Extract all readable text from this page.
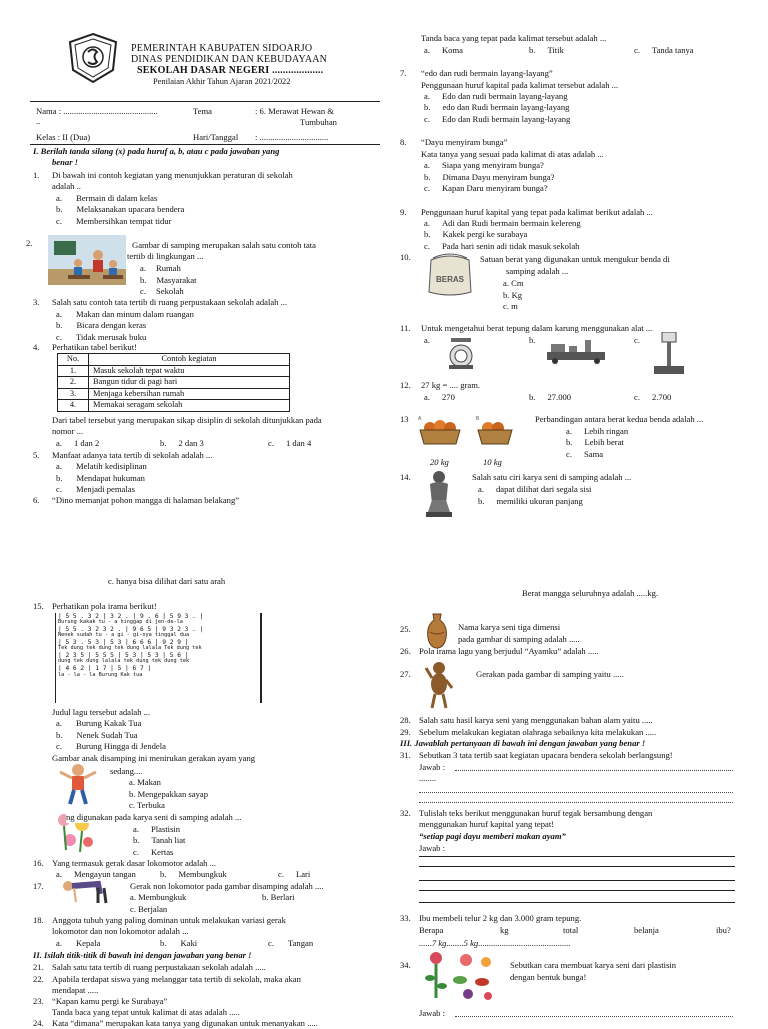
PEMERINTAH KABUPATEN SIDOARJO
DINAS PENDIDIKAN DAN KEBUDAYAAN
SEKOLAH DASAR NEGERI ...................
Penilaian Akhir Tahun Ajaran 2021/2022
Nama : ............................................
..
Tema	: 6. Merawat Hewan &
Tumbuhan
Kelas : II (Dua)	Hari/Tanggal : ................................
I. Berilah tanda silang (x) pada huruf a, b, atau c pada jawaban yang
benar !
1. Di bawah ini contoh kegiatan yang menunjukkan peraturan di sekolah
adalah ..
a. Bermain di dalam kelas
b. Melaksanakan upacara bendera
c. Membersihkan tempat tidur
2.	Gambar di samping merupakan salah satu contoh tata
tertib di lingkungan ...
a. Rumah
b. Masyarakat
c. Sekolah
3. Salah satu contoh tata tertib di ruang perpustakaan sekolah adalah ...
a. Makan dan minum dalam ruangan
b. Bicara dengan keras
c. Tidak merusak buku
4. Perhatikan tabel berikut!
No.	Contoh kegiatan
1.	Masuk sekolah tepat waktu
2.	Bangun tidur di pagi hari
3.	Menjaga kebersihan rumah
4.	Memakai seragam sekolah
Dari tabel tersebut yang merupakan sikap disiplin di sekolah ditunjukkan pada
nomor ...
a. 1 dan 2	b. 2 dan 3	c. 1 dan 4
5. Manfaat adanya tata tertib di sekolah adalah ...
a. Melatih kedisiplinan
b. Mendapat hukuman
c. Menjadi pemalas
6. “Dino memanjat pohon mangga di halaman belakang”
Tanda baca yang tepat pada kalimat tersebut adalah ...
a. Koma	b. Titik	c. Tanda tanya
7. “edo dan rudi bermain layang-layang”
Penggunaan huruf kapital pada kalimat tersebut adalah ...
a. Edo dan rudi bermain layang-layang
b. edo dan Rudi bermain layang-layang
c. Edo dan Rudi bermain layang-layang
8. “Dayu menyiram bunga”
Kata tanya yang sesuai pada kalimat di atas adalah ...
a. Siapa yang menyiram bunga?
b. Dimana Dayu menyiram bunga?
c. Kapan Daru menyiram bunga?
9. Penggunaan huruf kapital yang tepat pada kalimat berikut adalah ...
a. Adi dan Rudi bermain bermain kelereng
b. Kakek pergi ke surabaya
c. Pada hari senin adi tidak masuk sekolah
10.
BERAS
Satuan berat yang digunakan untuk mengukur benda di
samping adalah ...
a. Cm
b. Kg
c. m
11. Untuk mengetahui berat tepung dalam karung menggunakan alat ...
a.	b.	c.
12. 27 kg = .... gram.
a. 270	b. 27.000	c. 2.700
13 A	B
20 kg	10 kg
Perbandingan antara berat kedua benda adalah ...
a. Lebih ringan
b. Lebih berat
c. Sama
14.	Salah satu ciri karya seni di samping adalah ...
a. dapat dilihat dari segala sisi
b. memiliki ukuran panjang
c. hanya bisa dilihat dari satu arah
Berat mangga seluruhnya adalah .....kg.
15. Perhatikan pola irama berikut!
| 5 5 . 3 2 | 3 2 . | 9 . 6 | 5 9 3 . |
Burung kakak tu - a hinggap di jen-de-la
| 5 5 . 3 2 3 2 . | 9 6 5 | 9 3 2 3 . |
Nenek sudah tu - a gi - gi-nya tinggal dua
| 5 3 . 5 3 | 5 3 | 6 6 6 | 9 2 9 |
Tek dung tek dung tek dung lalala Tek dung tek
| 2 3 5 | 5 5 5 | 5 3 | 5 3 | 5 6 |
dung tek dung lalala tek dung tek dung tek
| 4 6 2 | 1 7 | 5 | 6 7 |
la - la - la Burung Kak tua
Judul lagu tersebut adalah ...
a. Burung Kakak Tua
b. Nenek Sudah Tua
c. Burung Hingga di Jendela
Gambar anak disamping ini menirukan gerakan ayam yang
sedang....
a. Makan
b. Mengepakkan sayap
c. Terbuka
ng digunakan pada karya seni di samping adalah ...
a. Plastisin
b. Tanah liat
c. Kertas
16. Yang termasuk gerak dasar lokomotor adalah ...
a. Mengayun tangan	b. Membungkuk	c. Lari
17.	Gerak non lokomotor pada gambar disamping adalah ....
a. Membungkuk	b. Berlari
c. Berjalan
18. Anggota tubuh yang paling dominan untuk melakukan variasi gerak
lokomotor dan non lokomotor adalah ...
a. Kepala	b. Kaki	c. Tangan
II. Isilah titik-titik di bawah ini dengan jawaban yang benar !
21. Salah satu tata tertib di ruang perpustakaan sekolah adalah .....
22. Apabila terdapat siswa yang melanggar tata tertib di sekolah, maka akan
mendapat .....
23. “Kapan kamu pergi ke Surabaya”
Tanda baca yang tepat untuk kalimat di atas adalah .....
24. Kata “dimana” merupakan kata tanya yang digunakan untuk menanyakan .....
25.	Nama karya seni tiga dimensi
pada gambar di samping adalah .....
26. Pola irama lagu yang berjudul “Ayamku” adalah .....
27.	Gerakan pada gambar di samping yaitu .....
28. Salah satu hasil karya seni yang menggunakan bahan alam yaitu .....
29. Sebelum melakukan kegiatan olahraga sebaiknya kita melakukan .....
III. Jawablah pertanyaan di bawah ini dengan jawaban yang benar !
31. Sebutkan 3 tata tertib saat kegiatan upacara bendera sekolah berlangsung!
Jawab :
........
32. Tulislah teks berikut menggunakan huruf tegak bersambung dengan
menggunakan huruf kapital yang tepat!
“setiap pagi dayu memberi makan ayam”
Jawab :
33. Ibu membeli telur 2 kg dan 3.000 gram tepung.
Berapa	kg	total	belanja	ibu?
......7 kg........5 kg...........................................
34.	Sebutkan cara membuat karya seni dari plastisin
dengan bentuk bunga!
Jawab :
